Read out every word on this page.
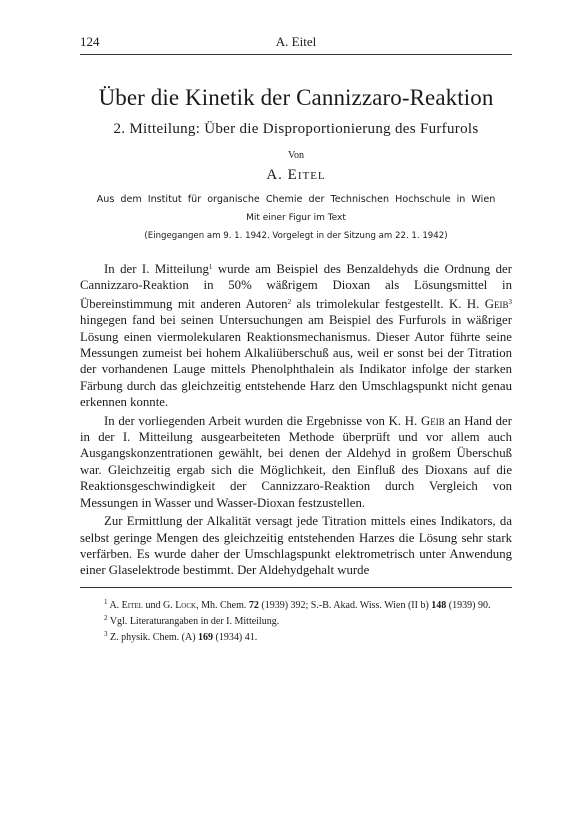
124	A. Eitel
Über die Kinetik der Cannizzaro-Reaktion
2. Mitteilung: Über die Disproportionierung des Furfurols
Von
A. Eitel
Aus dem Institut für organische Chemie der Technischen Hochschule in Wien
Mit einer Figur im Text
(Eingegangen am 9. 1. 1942. Vorgelegt in der Sitzung am 22. 1. 1942)

In der I. Mitteilung$^1$ wurde am Beispiel des Benzaldehyds die Ordnung der Cannizzaro-Reaktion in 50% wäßrigem Dioxan als Lösungsmittel in Übereinstimmung mit anderen Autoren$^2$ als trimolekular festgestellt. K. H. Geib$^3$ hingegen fand bei seinen Untersuchungen am Beispiel des Furfurols in wäßriger Lösung einen viermolekularen Reaktionsmechanismus. Dieser Autor führte seine Messungen zumeist bei hohem Alkaliüberschuß aus, weil er sonst bei der Titration der vorhandenen Lauge mittels Phenolphthalein als Indikator infolge der starken Färbung durch das gleichzeitig entstehende Harz den Umschlagspunkt nicht genau erkennen konnte.

In der vorliegenden Arbeit wurden die Ergebnisse von K. H. Geib an Hand der in der I. Mitteilung ausgearbeiteten Methode überprüft und vor allem auch Ausgangskonzentrationen gewählt, bei denen der Aldehyd in großem Überschuß war. Gleichzeitig ergab sich die Möglichkeit, den Einfluß des Dioxans auf die Reaktionsgeschwindigkeit der Cannizzaro-Reaktion durch Vergleich von Messungen in Wasser und Wasser-Dioxan festzustellen.

Zur Ermittlung der Alkalität versagt jede Titration mittels eines Indikators, da selbst geringe Mengen des gleichzeitig entstehenden Harzes die Lösung sehr stark verfärben. Es wurde daher der Umschlagspunkt elektrometrisch unter Anwendung einer Glaselektrode bestimmt. Der Aldehydgehalt wurde

$^1$ A. Eitel und G. Lock, Mh. Chem. 72 (1939) 392; S.-B. Akad. Wiss. Wien (II b) 148 (1939) 90.
$^2$ Vgl. Literaturangaben in der I. Mitteilung.
$^3$ Z. physik. Chem. (A) 169 (1934) 41.
